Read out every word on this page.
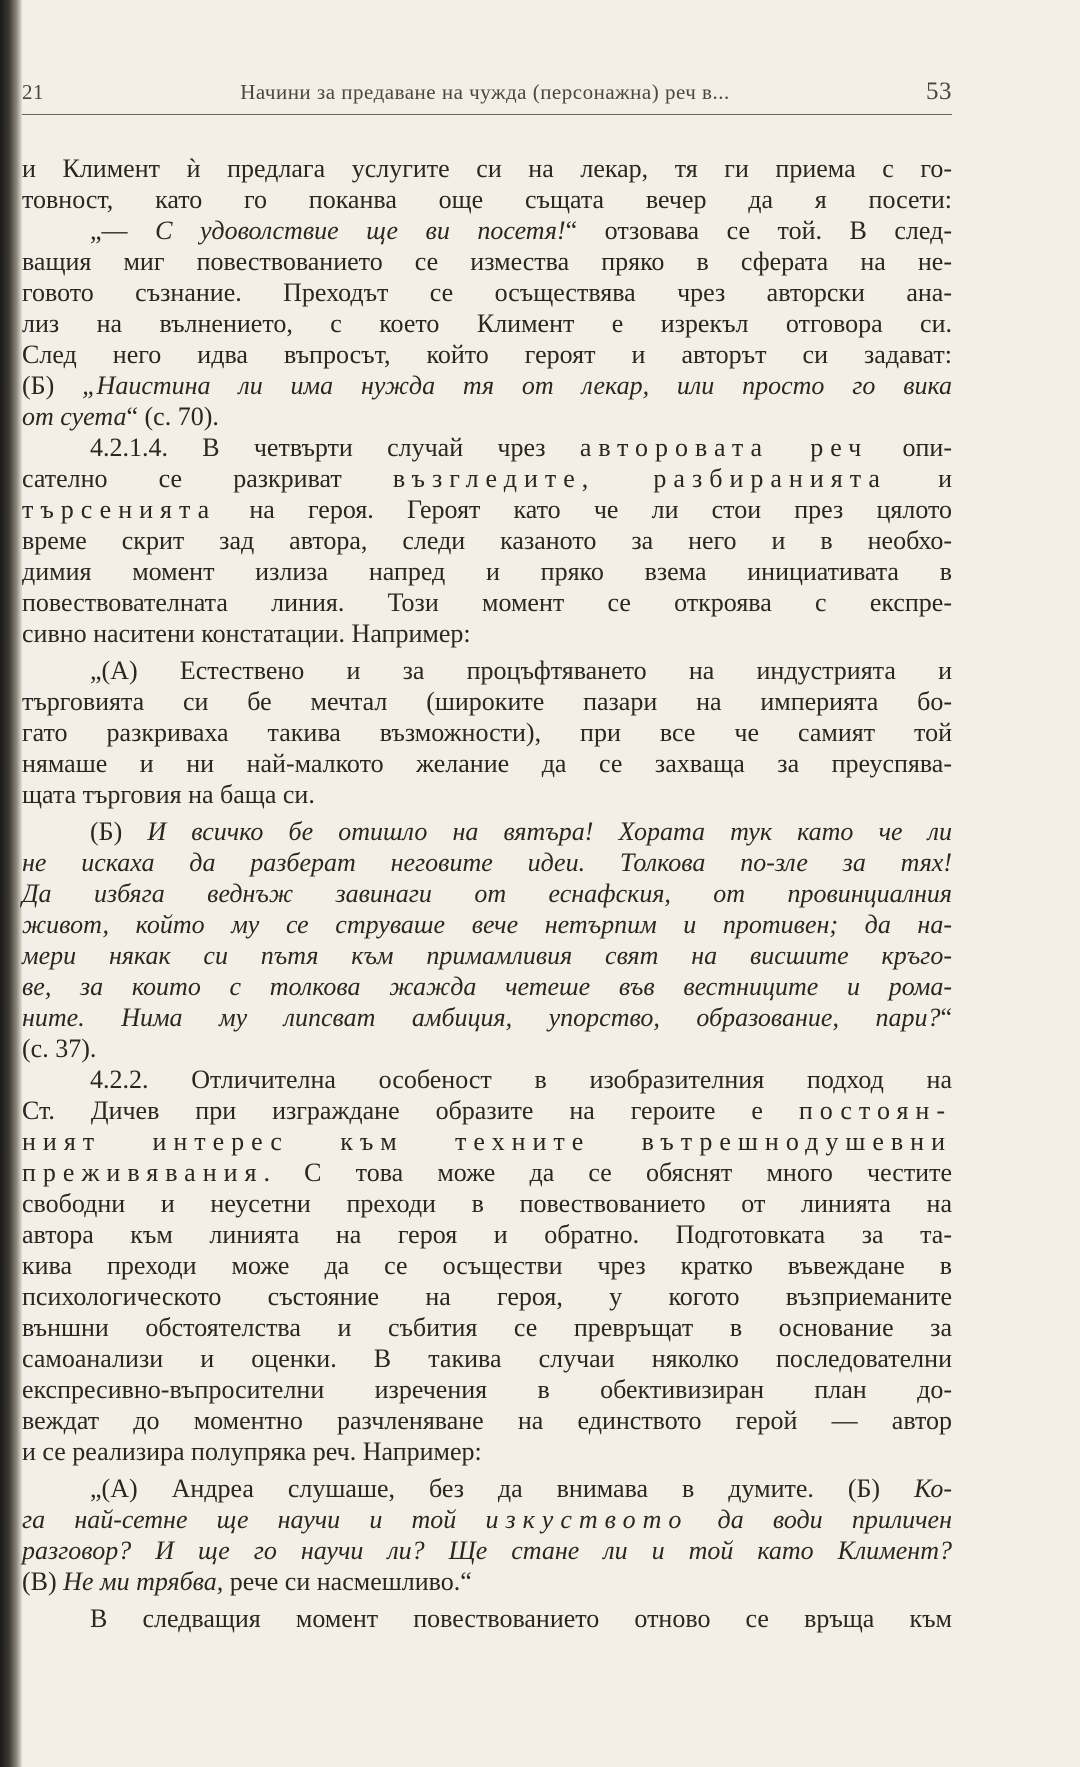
21	Начини за предаване на чужда (персонажна) реч в...	53
и Климент ѝ предлага услугите си на лекар, тя ги приема с го-
товност, като го поканва още същата вечер да я посети:
„— С удоволствие ще ви посетя!“ отзовава се той. В след-
ващия миг повествованието се измества пряко в сферата на не-
говото съзнание. Преходът се осъществява чрез авторски ана-
лиз на вълнението, с което Климент е изрекъл отговора си.
След него идва въпросът, който героят и авторът си задават:
(Б) „Наистина ли има нужда тя от лекар, или просто го вика
от суета“ (с. 70).
4.2.1.4. В четвърти случай чрез авторовата реч опи-
сателно се разкриват възгледите, разбиранията и
търсенията на героя. Героят като че ли стои през цялото
време скрит зад автора, следи казаното за него и в необхо-
димия момент излиза напред и пряко взема инициативата в
повествователната линия. Този момент се откроява с експре-
сивно наситени констатации. Например:
„(А) Естествено и за процъфтяването на индустрията и
търговията си бе мечтал (широките пазари на империята бо-
гато разкриваха такива възможности), при все че самият той
нямаше и ни най-малкото желание да се захваща за преуспява-
щата търговия на баща си.
(Б) И всичко бе отишло на вятъра! Хората тук като че ли
не искаха да разберат неговите идеи. Толкова по-зле за тях!
Да избяга веднъж завинаги от еснафския, от провинциалния
живот, който му се струваше вече нетърпим и противен; да на-
мери някак си пътя към примамливия свят на висшите кръго-
ве, за които с толкова жажда четеше във вестниците и рома-
ните. Нима му липсват амбиция, упорство, образование, пари?“
(с. 37).
4.2.2. Отличителна особеност в изобразителния подход на
Ст. Дичев при изграждане образите на героите е постоян-
ният интерес към техните вътрешнодушевни
преживявания. С това може да се обяснят много честите
свободни и неусетни преходи в повествованието от линията на
автора към линията на героя и обратно. Подготовката за та-
кива преходи може да се осъществи чрез кратко въвеждане в
психологическото състояние на героя, у когото възприеманите
външни обстоятелства и събития се превръщат в основание за
самоанализи и оценки. В такива случаи няколко последователни
експресивно-въпросителни изречения в обективизиран план до-
веждат до моментно разчленяване на единството герой — автор
и се реализира полупряка реч. Например:
„(А) Андреа слушаше, без да внимава в думите. (Б) Ко-
га най-сетне ще научи и той изкуството да води приличен
разговор? И ще го научи ли? Ще стане ли и той като Климент?
(В) Не ми трябва, рече си насмешливо.“
В следващия момент повествованието отново се връща към
